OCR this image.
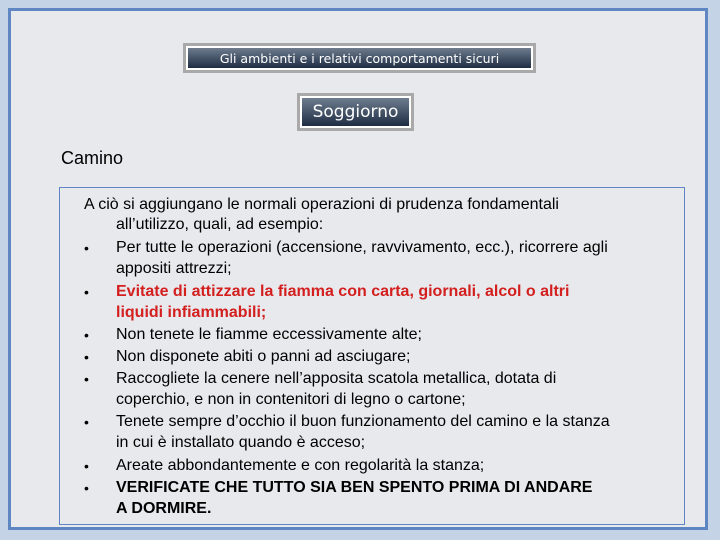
Gli ambienti e i relativi comportamenti sicuri
Soggiorno
Camino
A ciò si aggiungano le normali operazioni di prudenza fondamentali
all’utilizzo, quali, ad esempio:
• Per tutte le operazioni (accensione, ravvivamento, ecc.), ricorrere agli
appositi attrezzi;
• Evitate di attizzare la fiamma con carta, giornali, alcol o altri
liquidi infiammabili;
• Non tenete le fiamme eccessivamente alte;
• Non disponete abiti o panni ad asciugare;
• Raccogliete la cenere nell’apposita scatola metallica, dotata di
coperchio, e non in contenitori di legno o cartone;
• Tenete sempre d’occhio il buon funzionamento del camino e la stanza
in cui è installato quando è acceso;
• Areate abbondantemente e con regolarità la stanza;
• VERIFICATE CHE TUTTO SIA BEN SPENTO PRIMA DI ANDARE
A DORMIRE.
